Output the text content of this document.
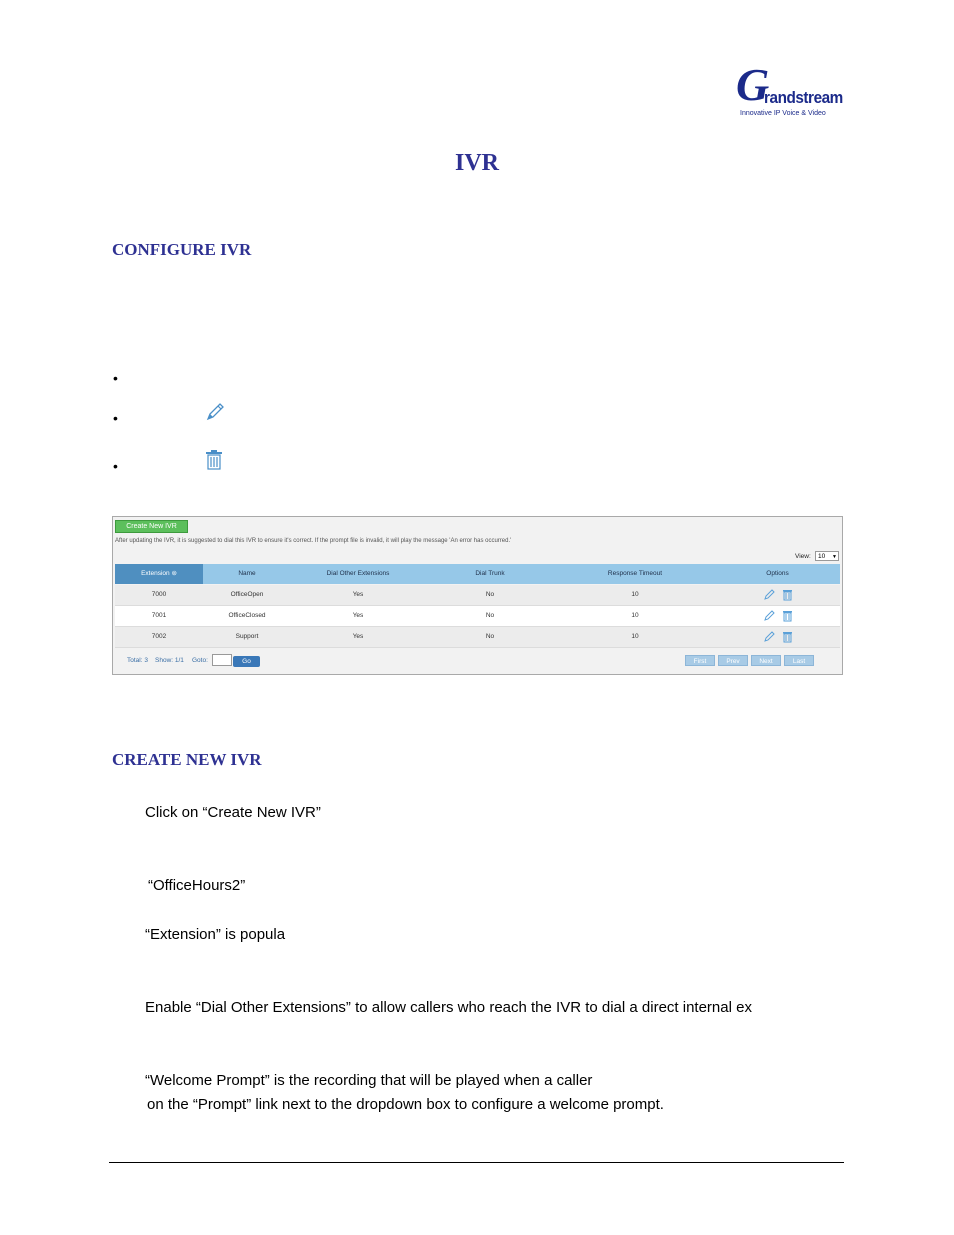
G
randstream
Innovative IP Voice & Video
IVR
CONFIGURE IVR
•
•
•
Create New IVR
After updating the IVR, it is suggested to dial this IVR to ensure it's correct. If the prompt file is invalid, it will play the message 'An error has occurred.'
View:	10 ▼
Extension ⊚	Name	Dial Other Extensions	Dial Trunk	Response Timeout	Options
7000	OfficeOpen	Yes	No	10
7001	OfficeClosed	Yes	No	10
7002	Support	Yes	No	10
Total: 3 Show: 1/1 Goto:	Go	First	Prev	Next	Last
CREATE NEW IVR
Click on “Create New IVR”
“OfficeHours2”
“Extension” is popula
Enable “Dial Other Extensions” to allow callers who reach the IVR to dial a direct internal ex
“Welcome Prompt” is the recording that will be played when a caller
on the “Prompt” link next to the dropdown box to configure a welcome prompt.
